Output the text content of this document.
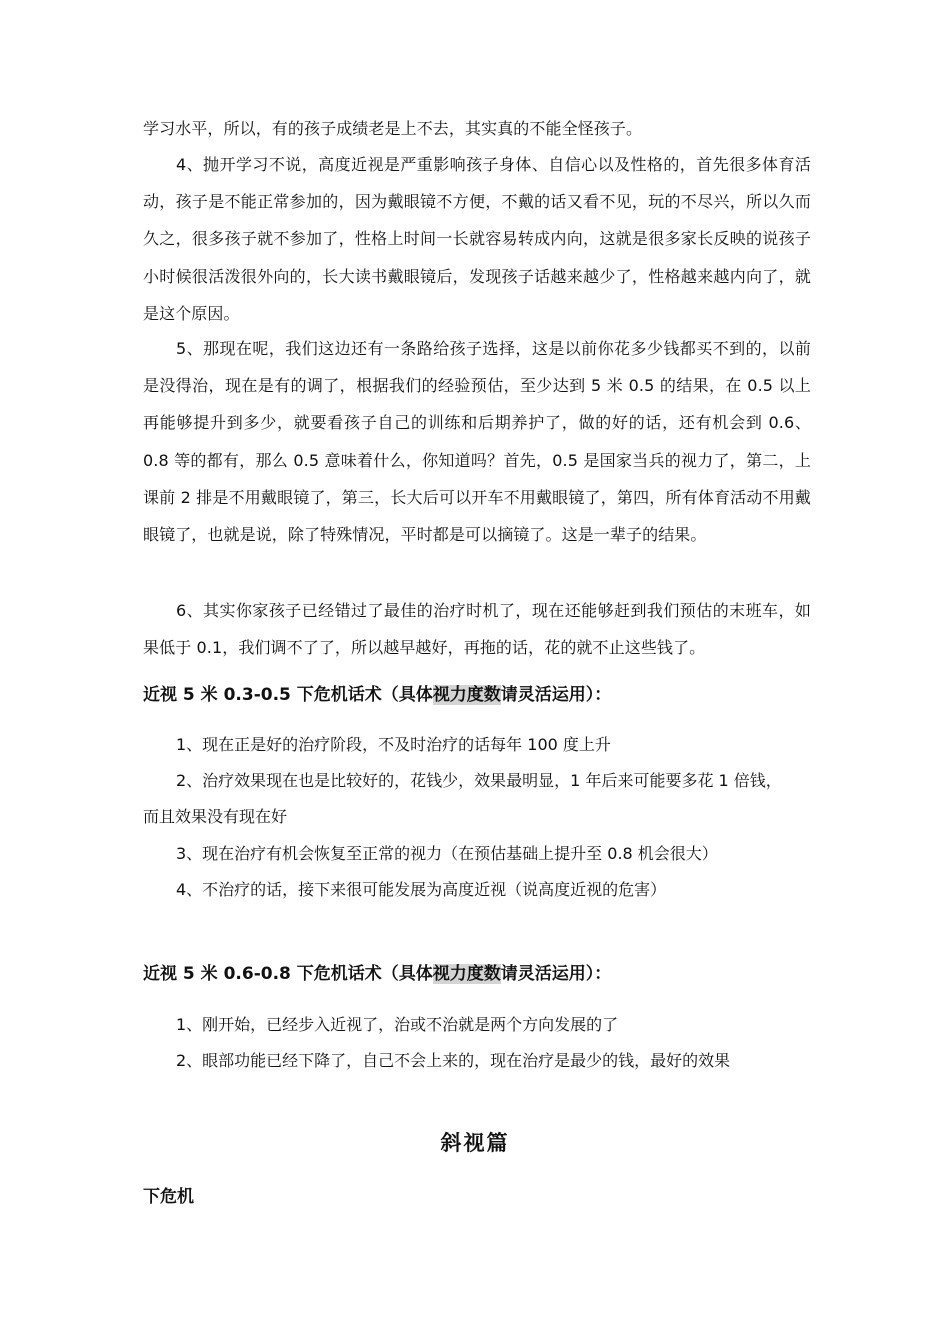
学习水平，所以，有的孩子成绩老是上不去，其实真的不能全怪孩子。
4、抛开学习不说，高度近视是严重影响孩子身体、自信心以及性格的，首先很多体育活动，孩子是不能正常参加的，因为戴眼镜不方便，不戴的话又看不见，玩的不尽兴，所以久而久之，很多孩子就不参加了，性格上时间一长就容易转成内向，这就是很多家长反映的说孩子小时候很活泼很外向的，长大读书戴眼镜后，发现孩子话越来越少了，性格越来越内向了，就是这个原因。
5、那现在呢，我们这边还有一条路给孩子选择，这是以前你花多少钱都买不到的，以前是没得治，现在是有的调了，根据我们的经验预估，至少达到 5 米 0.5 的结果，在 0.5 以上再能够提升到多少，就要看孩子自己的训练和后期养护了，做的好的话，还有机会到 0.6、0.8 等的都有，那么 0.5 意味着什么，你知道吗？首先，0.5 是国家当兵的视力了，第二，上课前 2 排是不用戴眼镜了，第三，长大后可以开车不用戴眼镜了，第四，所有体育活动不用戴眼镜了，也就是说，除了特殊情况，平时都是可以摘镜了。这是一辈子的结果。
6、其实你家孩子已经错过了最佳的治疗时机了，现在还能够赶到我们预估的末班车，如果低于 0.1，我们调不了了，所以越早越好，再拖的话，花的就不止这些钱了。
近视 5 米 0.3-0.5 下危机话术（具体视力度数请灵活运用）：
1、现在正是好的治疗阶段，不及时治疗的话每年 100 度上升
2、治疗效果现在也是比较好的，花钱少，效果最明显，1 年后来可能要多花 1 倍钱，
而且效果没有现在好
3、现在治疗有机会恢复至正常的视力（在预估基础上提升至 0.8 机会很大）
4、不治疗的话，接下来很可能发展为高度近视（说高度近视的危害）
近视 5 米 0.6-0.8 下危机话术（具体视力度数请灵活运用）：
1、刚开始，已经步入近视了，治或不治就是两个方向发展的了
2、眼部功能已经下降了，自己不会上来的，现在治疗是最少的钱，最好的效果
斜视篇
下危机
